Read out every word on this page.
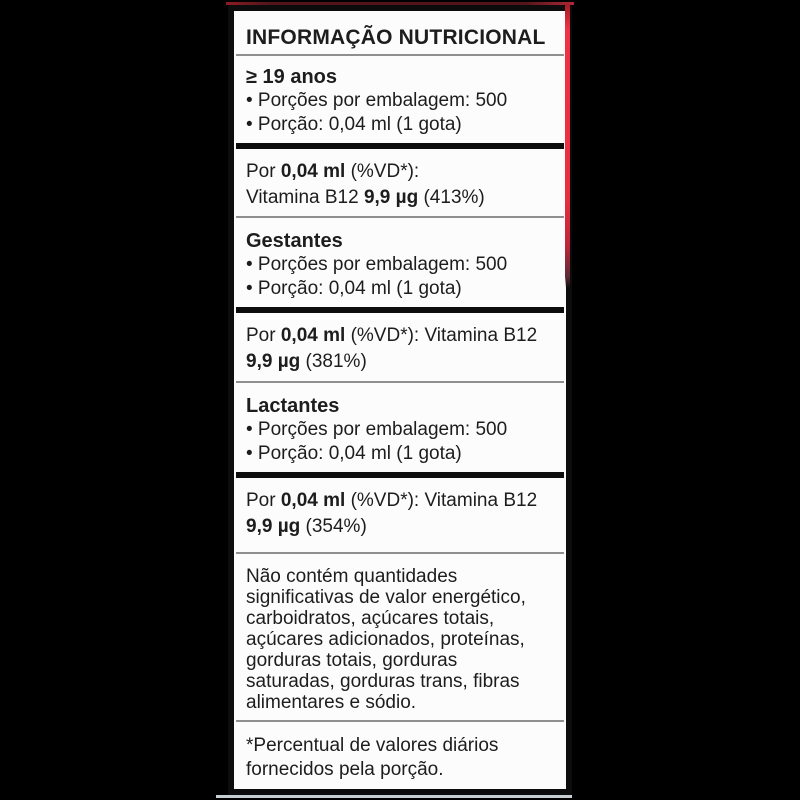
INFORMAÇÃO NUTRICIONAL
≥ 19 anos
• Porções por embalagem: 500
• Porção: 0,04 ml (1 gota)
Por 0,04 ml (%VD*):
Vitamina B12 9,9 µg (413%)
Gestantes
• Porções por embalagem: 500
• Porção: 0,04 ml (1 gota)
Por 0,04 ml (%VD*): Vitamina B12
9,9 µg (381%)
Lactantes
• Porções por embalagem: 500
• Porção: 0,04 ml (1 gota)
Por 0,04 ml (%VD*): Vitamina B12
9,9 µg (354%)

Não contém quantidades significativas de valor energético, carboidratos, açúcares totais, açúcares adicionados, proteínas, gorduras totais, gorduras saturadas, gorduras trans, fibras alimentares e sódio.

*Percentual de valores diários fornecidos pela porção.
